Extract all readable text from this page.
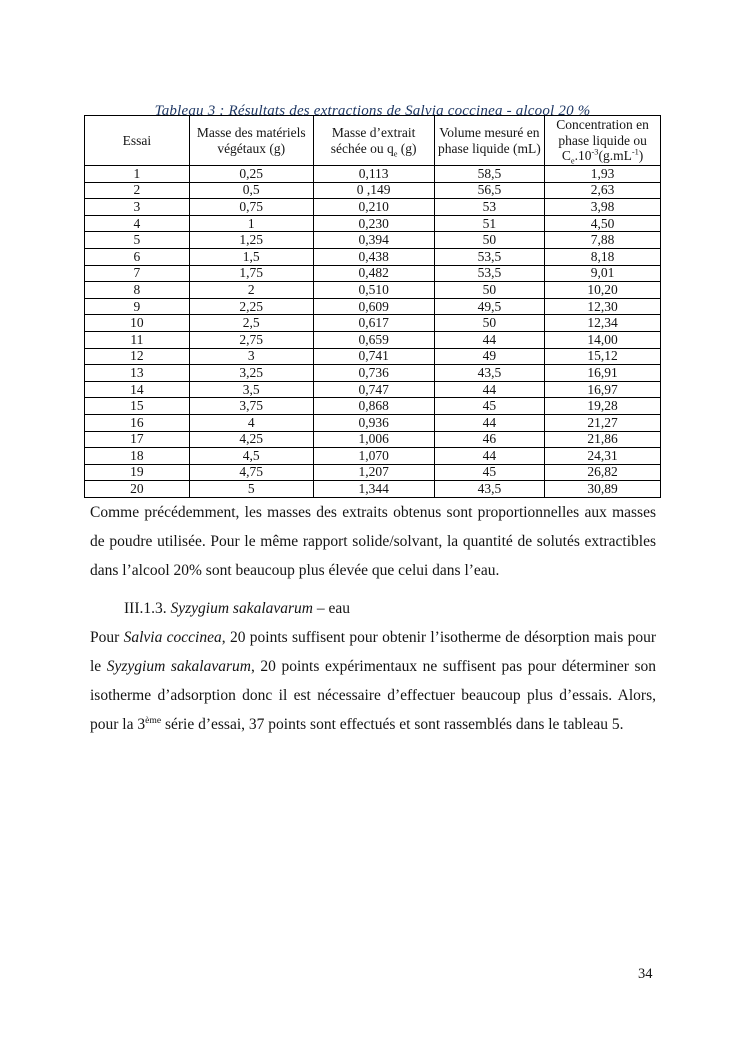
Tableau 3 : Résultats des extractions de Salvia coccinea - alcool 20 %

Essai	Masse des matériels végétaux (g)	Masse d’extrait séchée ou $q_e$ (g)	Volume mesuré en phase liquide (mL)	Concentration en phase liquide ou $C_e.10^{-3}(g.mL^{-1})$
1	0,25	0,113	58,5	1,93
2	0,5	0 ,149	56,5	2,63
3	0,75	0,210	53	3,98
4	1	0,230	51	4,50
5	1,25	0,394	50	7,88
6	1,5	0,438	53,5	8,18
7	1,75	0,482	53,5	9,01
8	2	0,510	50	10,20
9	2,25	0,609	49,5	12,30
10	2,5	0,617	50	12,34
11	2,75	0,659	44	14,00
12	3	0,741	49	15,12
13	3,25	0,736	43,5	16,91
14	3,5	0,747	44	16,97
15	3,75	0,868	45	19,28
16	4	0,936	44	21,27
17	4,25	1,006	46	21,86
18	4,5	1,070	44	24,31
19	4,75	1,207	45	26,82
20	5	1,344	43,5	30,89

Comme précédemment, les masses des extraits obtenus sont proportionnelles aux masses de poudre utilisée. Pour le même rapport solide/solvant, la quantité de solutés extractibles dans l’alcool 20% sont beaucoup plus élevée que celui dans l’eau.

III.1.3. Syzygium sakalavarum – eau

Pour Salvia coccinea, 20 points suffisent pour obtenir l’isotherme de désorption mais pour le Syzygium sakalavarum, 20 points expérimentaux ne suffisent pas pour déterminer son isotherme d’adsorption donc il est nécessaire d’effectuer beaucoup plus d’essais. Alors, pour la 3ème série d’essai, 37 points sont effectués et sont rassemblés dans le tableau 5.

34
